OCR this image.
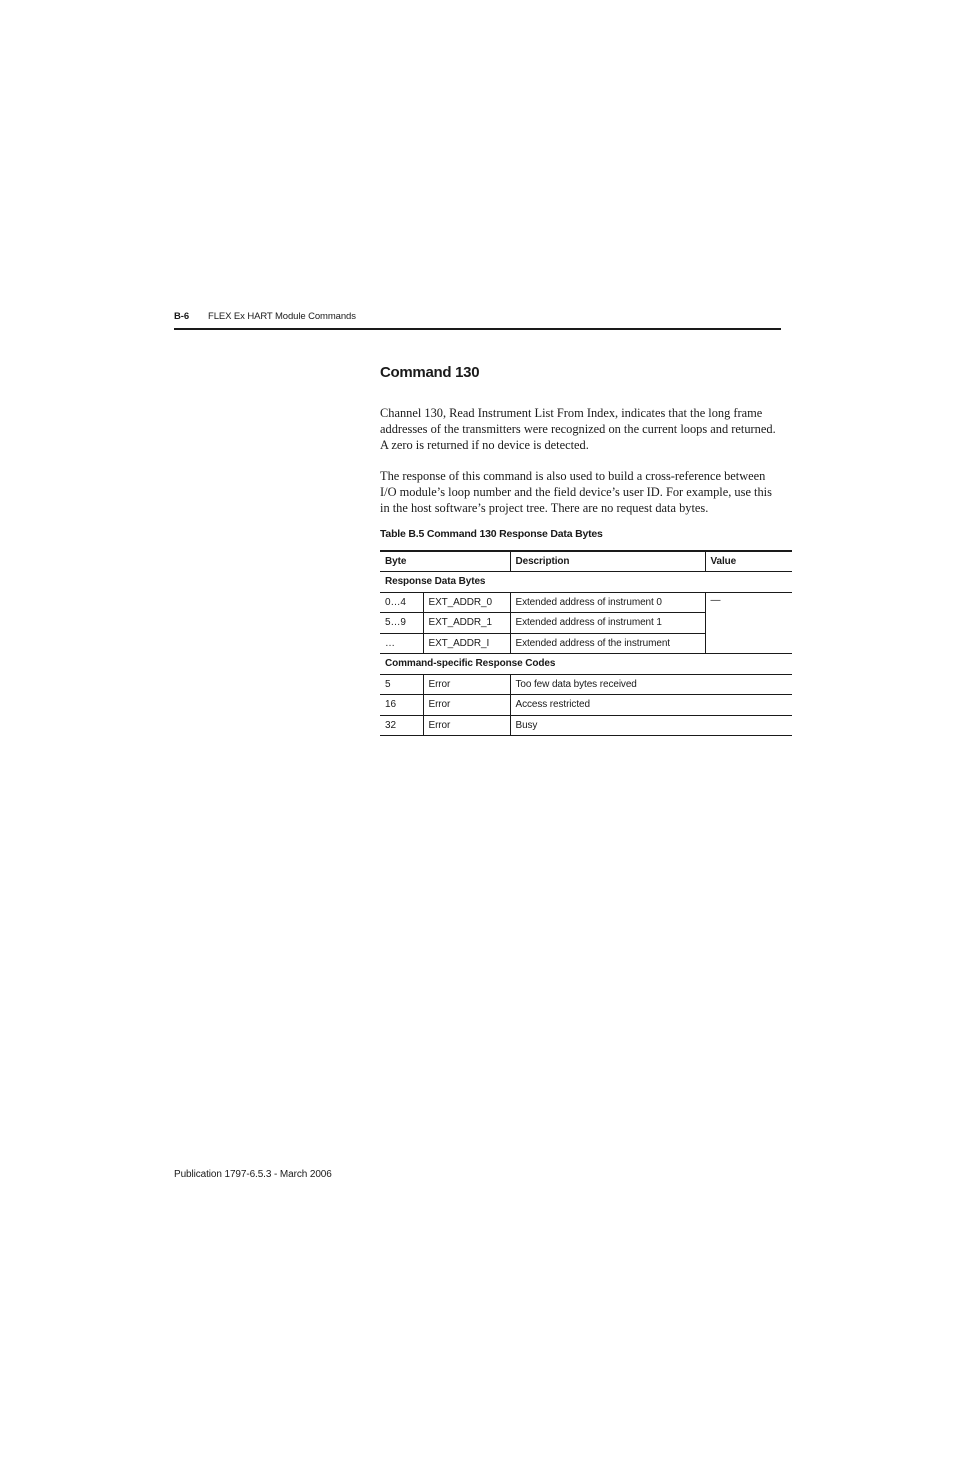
B-6 FLEX Ex HART Module Commands
Command 130

Channel 130, Read Instrument List From Index, indicates that the long frame addresses of the transmitters were recognized on the current loops and returned. A zero is returned if no device is detected.

The response of this command is also used to build a cross-reference between I/O module’s loop number and the field device’s user ID. For example, use this in the host software’s project tree. There are no request data bytes.

Table B.5 Command 130 Response Data Bytes

Byte		Description	Value
Response Data Bytes			
0…4	EXT_ADDR_0	Extended address of instrument 0	—
5…9	EXT_ADDR_1	Extended address of instrument 1	
…	EXT_ADDR_I	Extended address of the instrument	
Command-specific Response Codes			
5	Error	Too few data bytes received	
16	Error	Access restricted	
32	Error	Busy	
Publication 1797-6.5.3 - March 2006
